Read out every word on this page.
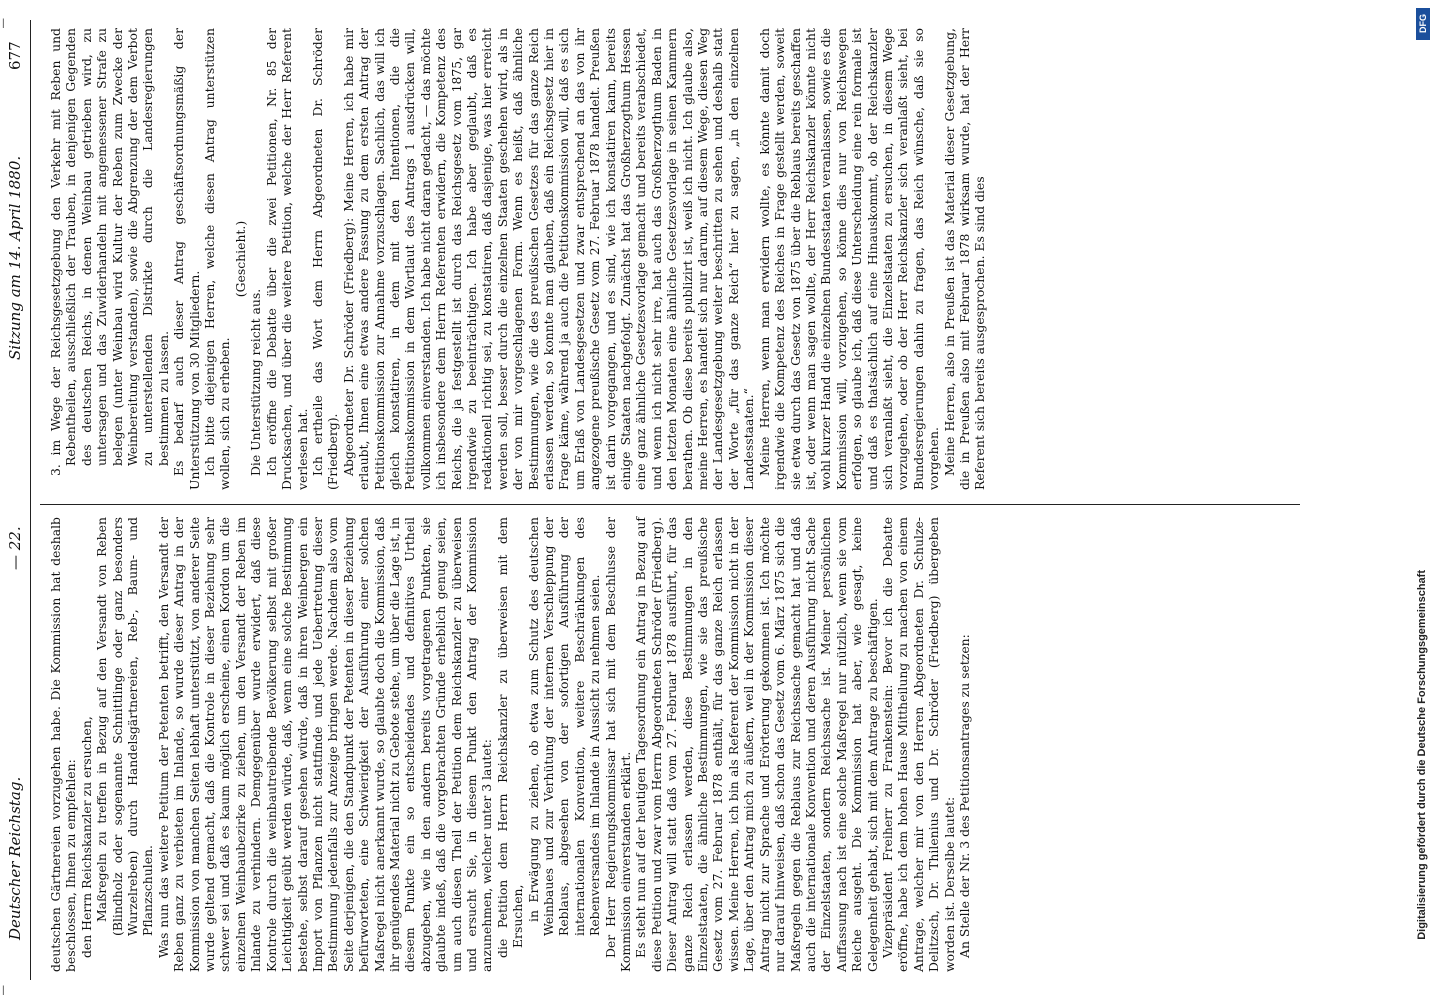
Deutscher Reichstag.
— 22.
Sitzung am 14. April 1880.
677

deutschen Gärtnereien vorzugehen habe. Die Kommission hat deshalb beschlossen, Ihnen zu empfehlen: den Herrn Reichskanzler zu ersuchen, Maßregeln zu treffen in Bezug auf den Versandt von Reben (Blindholz oder sogenannte Schnittlinge oder ganz besonders Wurzelreben) durch Handelsgärtnereien, Reb-, Baum- und Pflanzschulen. Was nun das weitere Petitum der Petenten betrifft, den Versandt der Reben ganz zu verbieten im Inlande, so wurde dieser Antrag in der Kommission von manchen Seiten lebhaft unterstützt, von anderer Seite wurde geltend gemacht, daß die Kontrole in dieser Beziehung sehr schwer sei und daß es kaum möglich erscheine, einen Kordon um die einzelnen Weinbaubezirke zu ziehen, um den Versandt der Reben im Inlande zu verhindern. Demgegenüber wurde erwidert, daß diese Kontrole durch die weinbautreibende Bevölkerung selbst mit großer Leichtigkeit geübt werden würde, daß, wenn eine solche Bestimmung bestehe, selbst darauf gesehen würde, daß in ihren Weinbergen ein Import von Pflanzen nicht stattfinde und jede Uebertretung dieser Bestimmung jedenfalls zur Anzeige bringen werde. Nachdem also vom Seite derjenigen, die den Standpunkt der Petenten in dieser Beziehung befürworteten, eine Schwierigkeit der Ausführung einer solchen Maßregel nicht anerkannt wurde, so glaubte doch die Kommission, daß ihr genügendes Material nicht zu Gebote stehe, um über die Lage ist, in diesem Punkte ein so entscheidendes und definitives Urtheil abzugeben, wie in den andern bereits vorgetragenen Punkten, sie glaubte indeß, daß die vorgebrachten Gründe erheblich genug seien, um auch diesen Theil der Petition dem Reichskanzler zu überweisen und ersucht Sie, in diesem Punkt den Antrag der Kommission anzunehmen, welcher unter 3 lautet: die Petition dem Herrn Reichskanzler zu überweisen mit dem Ersuchen, in Erwägung zu ziehen, ob etwa zum Schutz des deutschen Weinbaues und zur Verhütung der internen Verschleppung der Reblaus, abgesehen von der sofortigen Ausführung der internationalen Konvention, weitere Beschränkungen des Rebenversandes im Inlande in Aussicht zu nehmen seien. Der Herr Regierungskommissar hat sich mit dem Beschlusse der Kommission einverstanden erklärt. Es steht nun auf der heutigen Tagesordnung ein Antrag in Bezug auf diese Petition und zwar vom Herrn Abgeordneten Schröder (Friedberg). Dieser Antrag will statt daß vom 27. Februar 1878 ausführt, für das ganze Reich erlassen werden, diese Bestimmungen in den Einzelstaaten, die ähnliche Bestimmungen, wie sie das preußische Gesetz vom 27. Februar 1878 enthält, für das ganze Reich erlassen wissen. Meine Herren, ich bin als Referent der Kommission nicht in der Lage, über den Antrag mich zu äußern, weil in der Kommission dieser Antrag nicht zur Sprache und Erörterung gekommen ist. Ich möchte nur darauf hinweisen, daß schon das Gesetz vom 6. März 1875 sich die Maßregeln gegen die Reblaus zur Reichssache gemacht hat und daß auch die internationale Konvention und deren Ausführung nicht Sache der Einzelstaaten, sondern Reichssache ist. Meiner persönlichen Auffassung nach ist eine solche Maßregel nur nützlich, wenn sie vom Reiche ausgeht. Die Kommission hat aber, wie gesagt, keine Gelegenheit gehabt, sich mit dem Antrage zu beschäftigen. Vizepräsident Freiherr zu Frankenstein: Bevor ich die Debatte eröffne, habe ich dem hohen Hause Mittheilung zu machen von einem Antrage, welcher mir von den Herren Abgeordneten Dr. Schulze-Delitzsch, Dr. Thilenius und Dr. Schröder (Friedberg) übergeben worden ist. Derselbe lautet: An Stelle der Nr. 3 des Petitionsantrages zu setzen:

3. im Wege der Reichsgesetzgebung den Verkehr mit Reben und Rebentheilen, ausschließlich der Trauben, in denjenigen Gegenden des deutschen Reichs, in denen Weinbau getrieben wird, zu untersagen und das Zuwiderhandeln mit angemessener Strafe zu belegen (unter Weinbau wird Kultur der Reben zum Zwecke der Weinbereitung verstanden), sowie die Abgrenzung der dem Verbot zu unterstellenden Distrikte durch die Landesregierungen bestimmen zu lassen. Es bedarf auch dieser Antrag geschäftsordnungsmäßig der Unterstützung von 30 Mitgliedern. Ich bitte diejenigen Herren, welche diesen Antrag unterstützen wollen, sich zu erheben.

(Geschieht.)

Die Unterstützung reicht aus. Ich eröffne die Debatte über die zwei Petitionen, Nr. 85 der Drucksachen, und über die weitere Petition, welche der Herr Referent verlesen hat. Ich ertheile das Wort dem Herrn Abgeordneten Dr. Schröder (Friedberg). Abgeordneter Dr. Schröder (Friedberg): Meine Herren, ich habe mir erlaubt, Ihnen eine etwas andere Fassung zu dem ersten Antrag der Petitionskommission zur Annahme vorzuschlagen. Sachlich, das will ich gleich konstatiren, in dem mit den Intentionen, die die Petitionskommission in dem Wortlaut des Antrags 1 ausdrücken will, vollkommen einverstanden. Ich habe nicht daran gedacht, — das möchte ich insbesondere dem Herrn Referenten erwidern, die Kompetenz des Reichs, die ja festgestellt ist durch das Reichsgesetz vom 1875, gar irgendwie zu beeinträchtigen. Ich habe aber geglaubt, daß es redaktionell richtig sei, zu konstatiren, daß dasjenige, was hier erreicht werden soll, besser durch die einzelnen Staaten geschehen wird, als in der von mir vorgeschlagenen Form. Wenn es heißt, daß ähnliche Bestimmungen, wie die des preußischen Gesetzes für das ganze Reich erlassen werden, so konnte man glauben, daß ein Reichsgesetz hier in Frage käme, während ja auch die Petitionskommission will, daß es sich um Erlaß von Landesgesetzen und zwar entsprechend an das von ihr angezogene preußische Gesetz vom 27. Februar 1878 handelt. Preußen ist darin vorgegangen, und es sind, wie ich konstatiren kann, bereits einige Staaten nachgefolgt. Zunächst hat das Großherzogthum Hessen eine ganz ähnliche Gesetzesvorlage gemacht und bereits verabschiedet, und wenn ich nicht sehr irre, hat auch das Großherzogthum Baden in den letzten Monaten eine ähnliche Gesetzesvorlage in seinen Kammern berathen. Ob diese bereits publizirt ist, weiß ich nicht. Ich glaube also, meine Herren, es handelt sich nur darum, auf diesem Wege, diesen Weg der Landesgesetzgebung weiter beschritten zu sehen und deshalb statt der Worte „für das ganze Reich“ hier zu sagen, „in den einzelnen Landesstaaten.“ Meine Herren, wenn man erwidern wollte, es könnte damit doch irgendwie die Kompetenz des Reiches in Frage gestellt werden, soweit sie etwa durch das Gesetz von 1875 über die Reblaus bereits geschaffen ist, oder wenn man sagen wollte, der Herr Reichskanzler könnte nicht wohl kurzer Hand die einzelnen Bundesstaaten veranlassen, sowie es die Kommission will, vorzugehen, so könne dies nur von Reichswegen erfolgen, so glaube ich, daß diese Unterscheidung eine rein formale ist und daß es thatsächlich auf eine Hinauskommt, ob der Reichskanzler sich veranlaßt sieht, die Einzelstaaten zu ersuchen, in diesem Wege vorzugehen, oder ob der Herr Reichskanzler sich veranlaßt sieht, bei Bundesregierungen dahin zu fragen, das Reich wünsche, daß sie so vorgehen. Meine Herren, also in Preußen ist das Material dieser Gesetzgebung, die in Preußen also mit Februar 1878 wirksam wurde, hat der Herr Referent sich bereits ausgesprochen. Es sind dies

|
|
DFG
Digitalisierung gefördert durch die Deutsche Forschungsgemeinschaft
